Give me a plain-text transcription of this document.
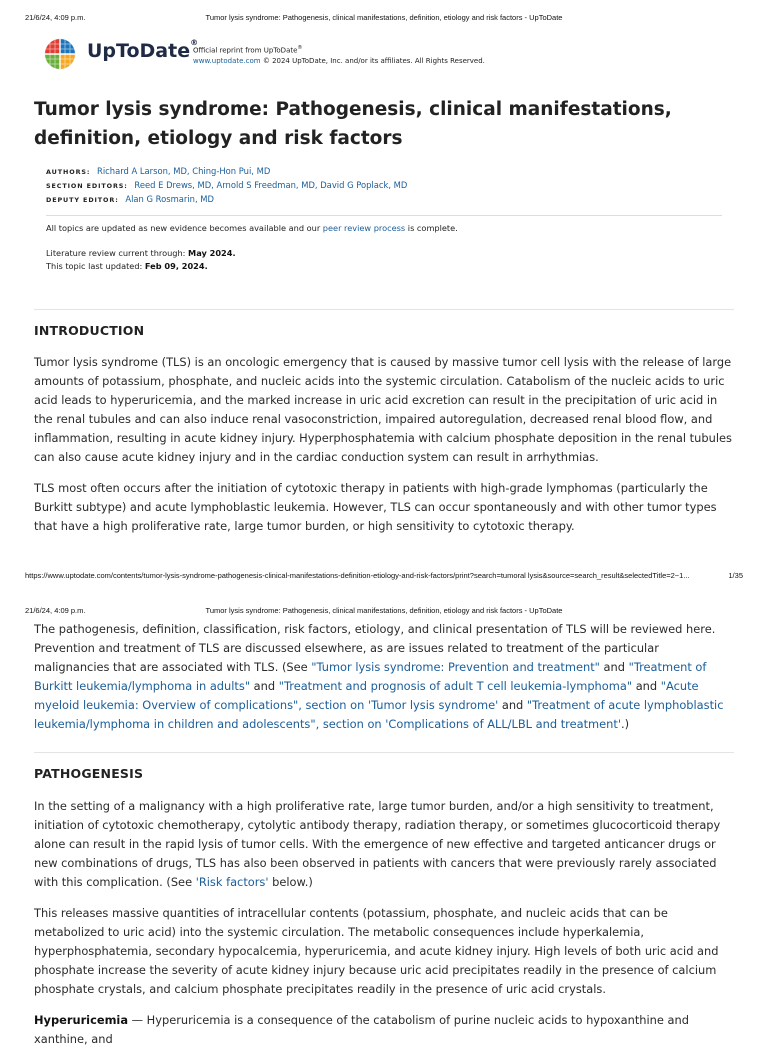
21/6/24, 4:09 p.m.	Tumor lysis syndrome: Pathogenesis, clinical manifestations, definition, etiology and risk factors - UpToDate
UpToDate®
Official reprint from UpToDate®
www.uptodate.com © 2024 UpToDate, Inc. and/or its affiliates. All Rights Reserved.
Tumor lysis syndrome: Pathogenesis, clinical manifestations, definition, etiology and risk factors
AUTHORS: Richard A Larson, MD, Ching-Hon Pui, MD
SECTION EDITORS: Reed E Drews, MD, Arnold S Freedman, MD, David G Poplack, MD
DEPUTY EDITOR: Alan G Rosmarin, MD
All topics are updated as new evidence becomes available and our peer review process is complete.
Literature review current through: May 2024.
This topic last updated: Feb 09, 2024.
INTRODUCTION

Tumor lysis syndrome (TLS) is an oncologic emergency that is caused by massive tumor cell lysis with the release of large amounts of potassium, phosphate, and nucleic acids into the systemic circulation. Catabolism of the nucleic acids to uric acid leads to hyperuricemia, and the marked increase in uric acid excretion can result in the precipitation of uric acid in the renal tubules and can also induce renal vasoconstriction, impaired autoregulation, decreased renal blood flow, and inflammation, resulting in acute kidney injury. Hyperphosphatemia with calcium phosphate deposition in the renal tubules can also cause acute kidney injury and in the cardiac conduction system can result in arrhythmias.

TLS most often occurs after the initiation of cytotoxic therapy in patients with high-grade lymphomas (particularly the Burkitt subtype) and acute lymphoblastic leukemia. However, TLS can occur spontaneously and with other tumor types that have a high proliferative rate, large tumor burden, or high sensitivity to cytotoxic therapy.

https://www.uptodate.com/contents/tumor-lysis-syndrome-pathogenesis-clinical-manifestations-definition-etiology-and-risk-factors/print?search=tumoral lysis&source=search_result&selectedTitle=2~1...	1/35
21/6/24, 4:09 p.m.	Tumor lysis syndrome: Pathogenesis, clinical manifestations, definition, etiology and risk factors - UpToDate

The pathogenesis, definition, classification, risk factors, etiology, and clinical presentation of TLS will be reviewed here. Prevention and treatment of TLS are discussed elsewhere, as are issues related to treatment of the particular malignancies that are associated with TLS. (See "Tumor lysis syndrome: Prevention and treatment" and "Treatment of Burkitt leukemia/lymphoma in adults" and "Treatment and prognosis of adult T cell leukemia-lymphoma" and "Acute myeloid leukemia: Overview of complications", section on 'Tumor lysis syndrome' and "Treatment of acute lymphoblastic leukemia/lymphoma in children and adolescents", section on 'Complications of ALL/LBL and treatment'.)

PATHOGENESIS

In the setting of a malignancy with a high proliferative rate, large tumor burden, and/or a high sensitivity to treatment, initiation of cytotoxic chemotherapy, cytolytic antibody therapy, radiation therapy, or sometimes glucocorticoid therapy alone can result in the rapid lysis of tumor cells. With the emergence of new effective and targeted anticancer drugs or new combinations of drugs, TLS has also been observed in patients with cancers that were previously rarely associated with this complication. (See 'Risk factors' below.)

This releases massive quantities of intracellular contents (potassium, phosphate, and nucleic acids that can be metabolized to uric acid) into the systemic circulation. The metabolic consequences include hyperkalemia, hyperphosphatemia, secondary hypocalcemia, hyperuricemia, and acute kidney injury. High levels of both uric acid and phosphate increase the severity of acute kidney injury because uric acid precipitates readily in the presence of calcium phosphate crystals, and calcium phosphate precipitates readily in the presence of uric acid crystals.

Hyperuricemia — Hyperuricemia is a consequence of the catabolism of purine nucleic acids to hypoxanthine and xanthine, and
